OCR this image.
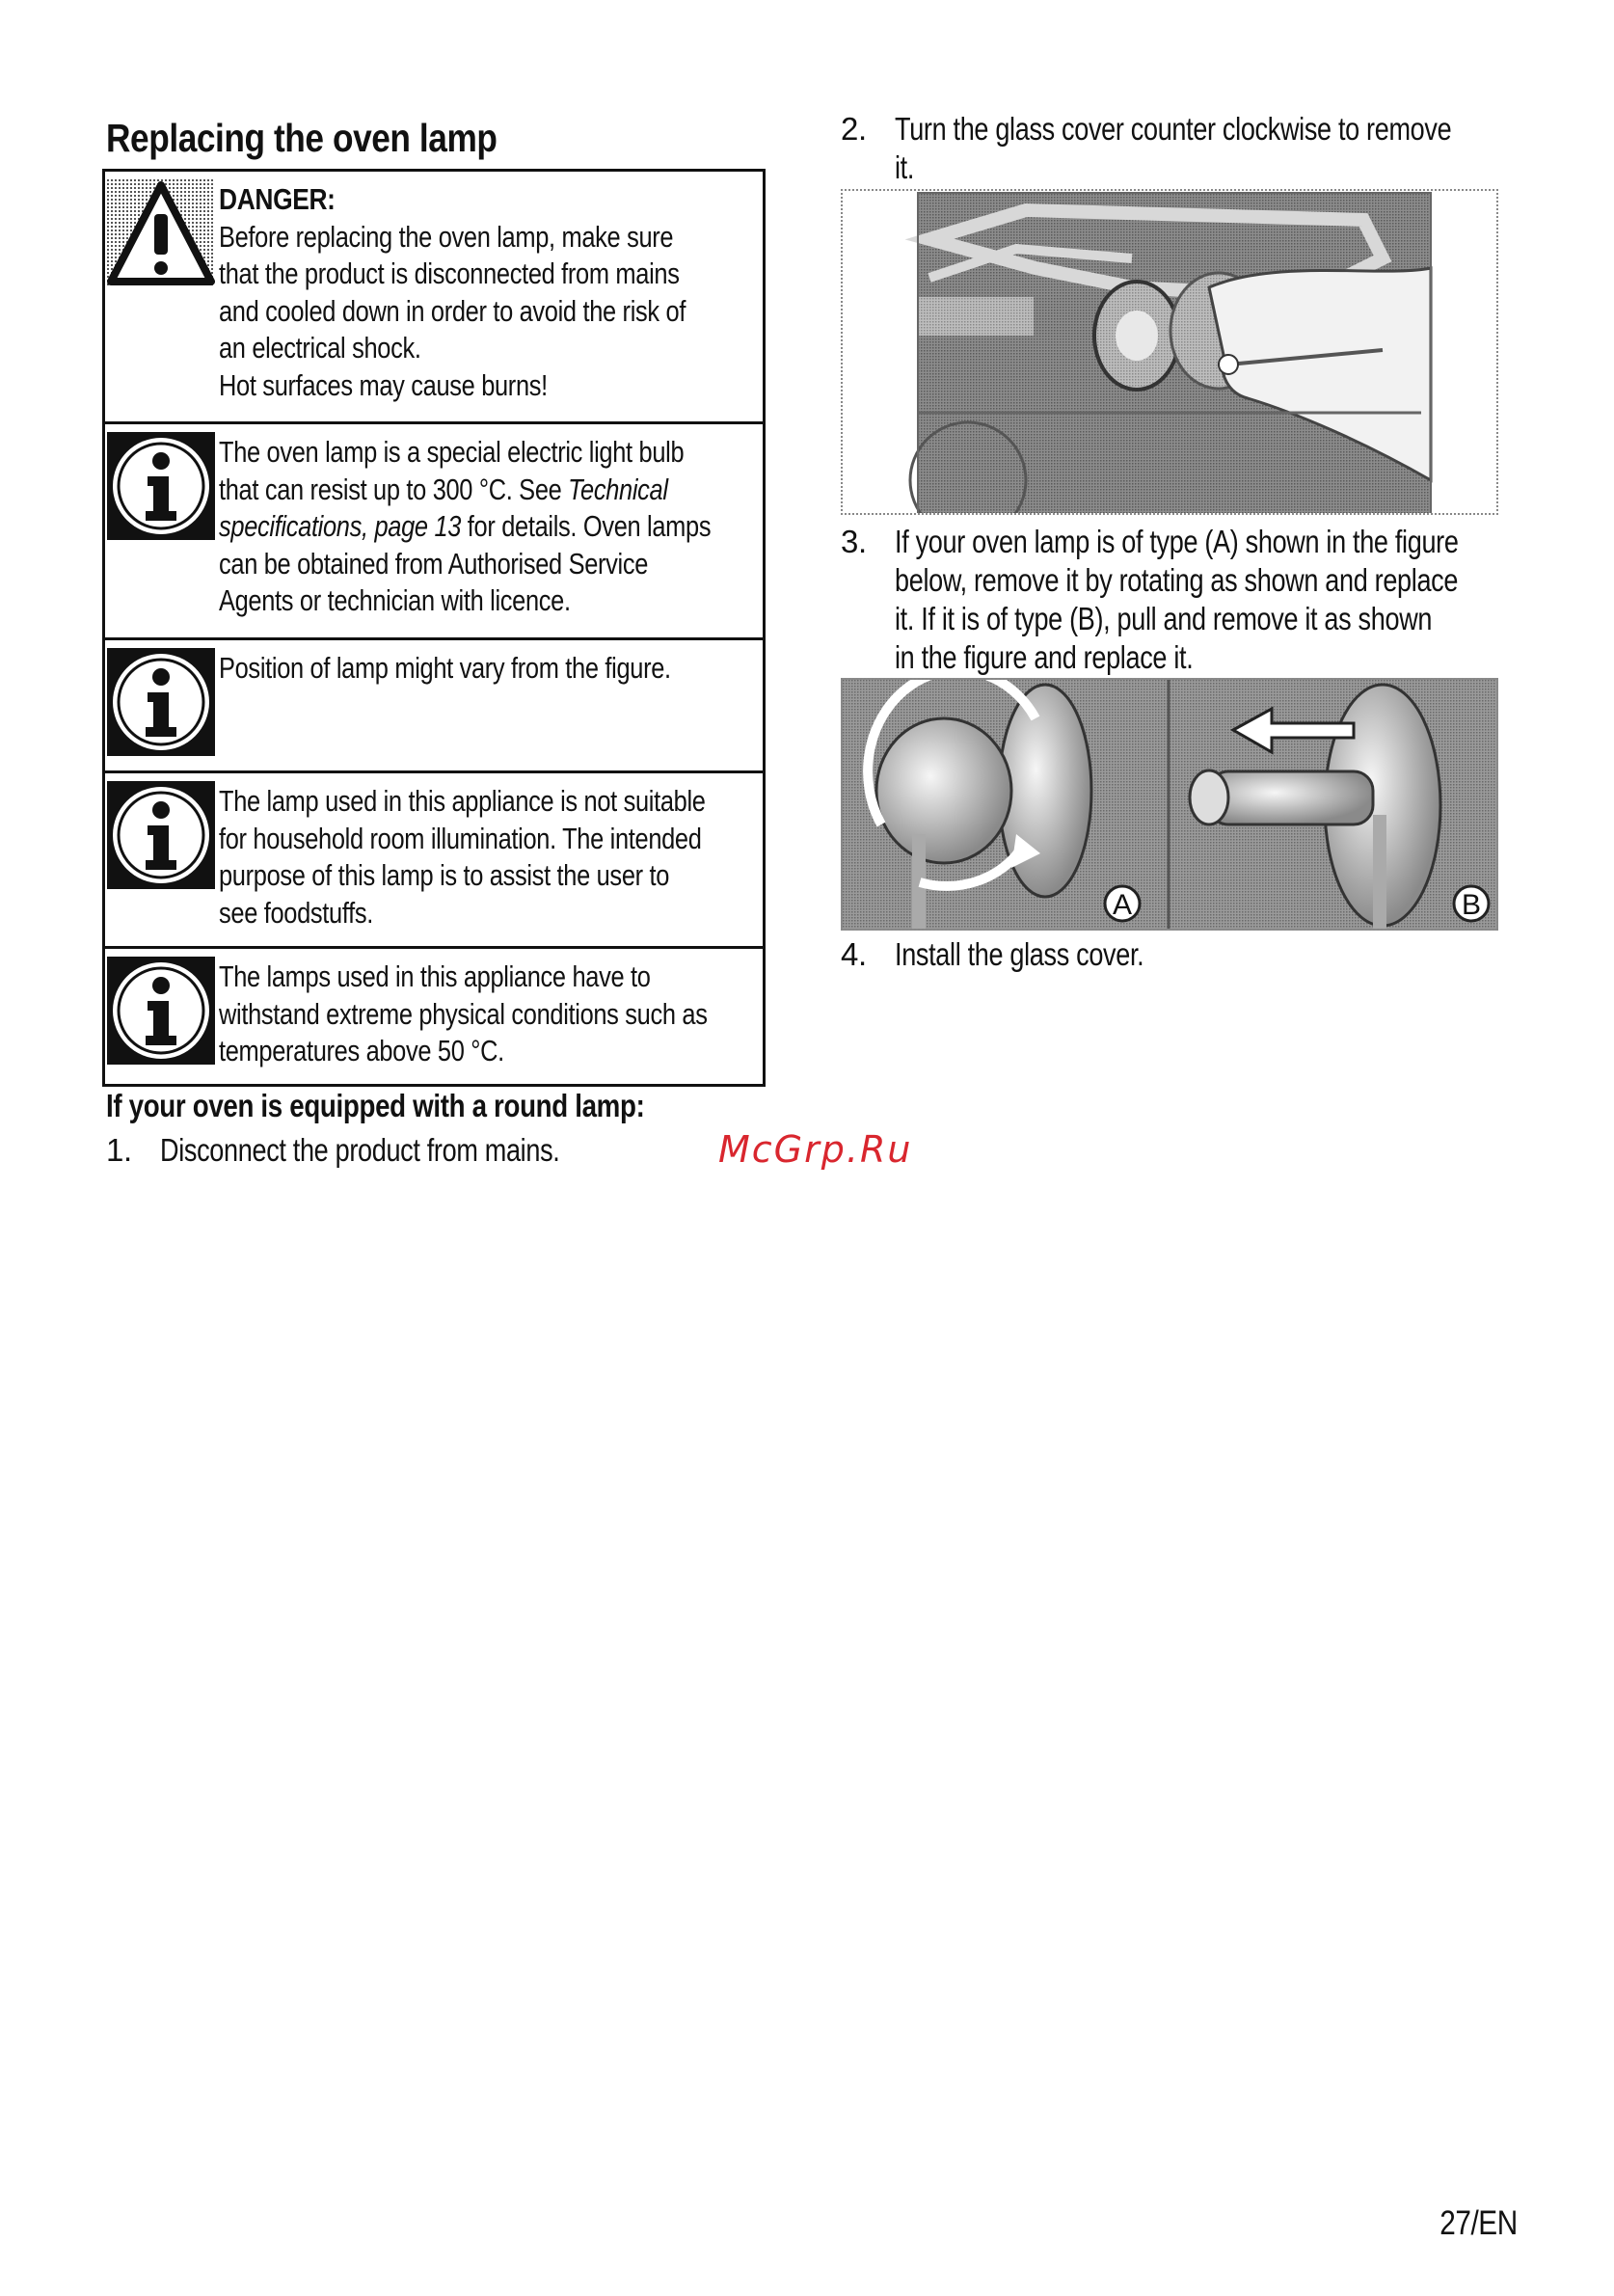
Replacing the oven lamp
DANGER:
Before replacing the oven lamp, make sure
that the product is disconnected from mains
and cooled down in order to avoid the risk of
an electrical shock.
Hot surfaces may cause burns!
The oven lamp is a special electric light bulb
that can resist up to 300 °C. See Technical
specifications, page 13 for details. Oven lamps
can be obtained from Authorised Service
Agents or technician with licence.
Position of lamp might vary from the figure.
The lamp used in this appliance is not suitable
for household room illumination. The intended
purpose of this lamp is to assist the user to
see foodstuffs.
The lamps used in this appliance have to
withstand extreme physical conditions such as
temperatures above 50 °C.
If your oven is equipped with a round lamp:
1. Disconnect the product from mains.
2. Turn the glass cover counter clockwise to remove
it.
3. If your oven lamp is of type (A) shown in the figure
below, remove it by rotating as shown and replace
it. If it is of type (B), pull and remove it as shown
in the figure and replace it.
A	B
4. Install the glass cover.
McGrp.Ru
27/EN
